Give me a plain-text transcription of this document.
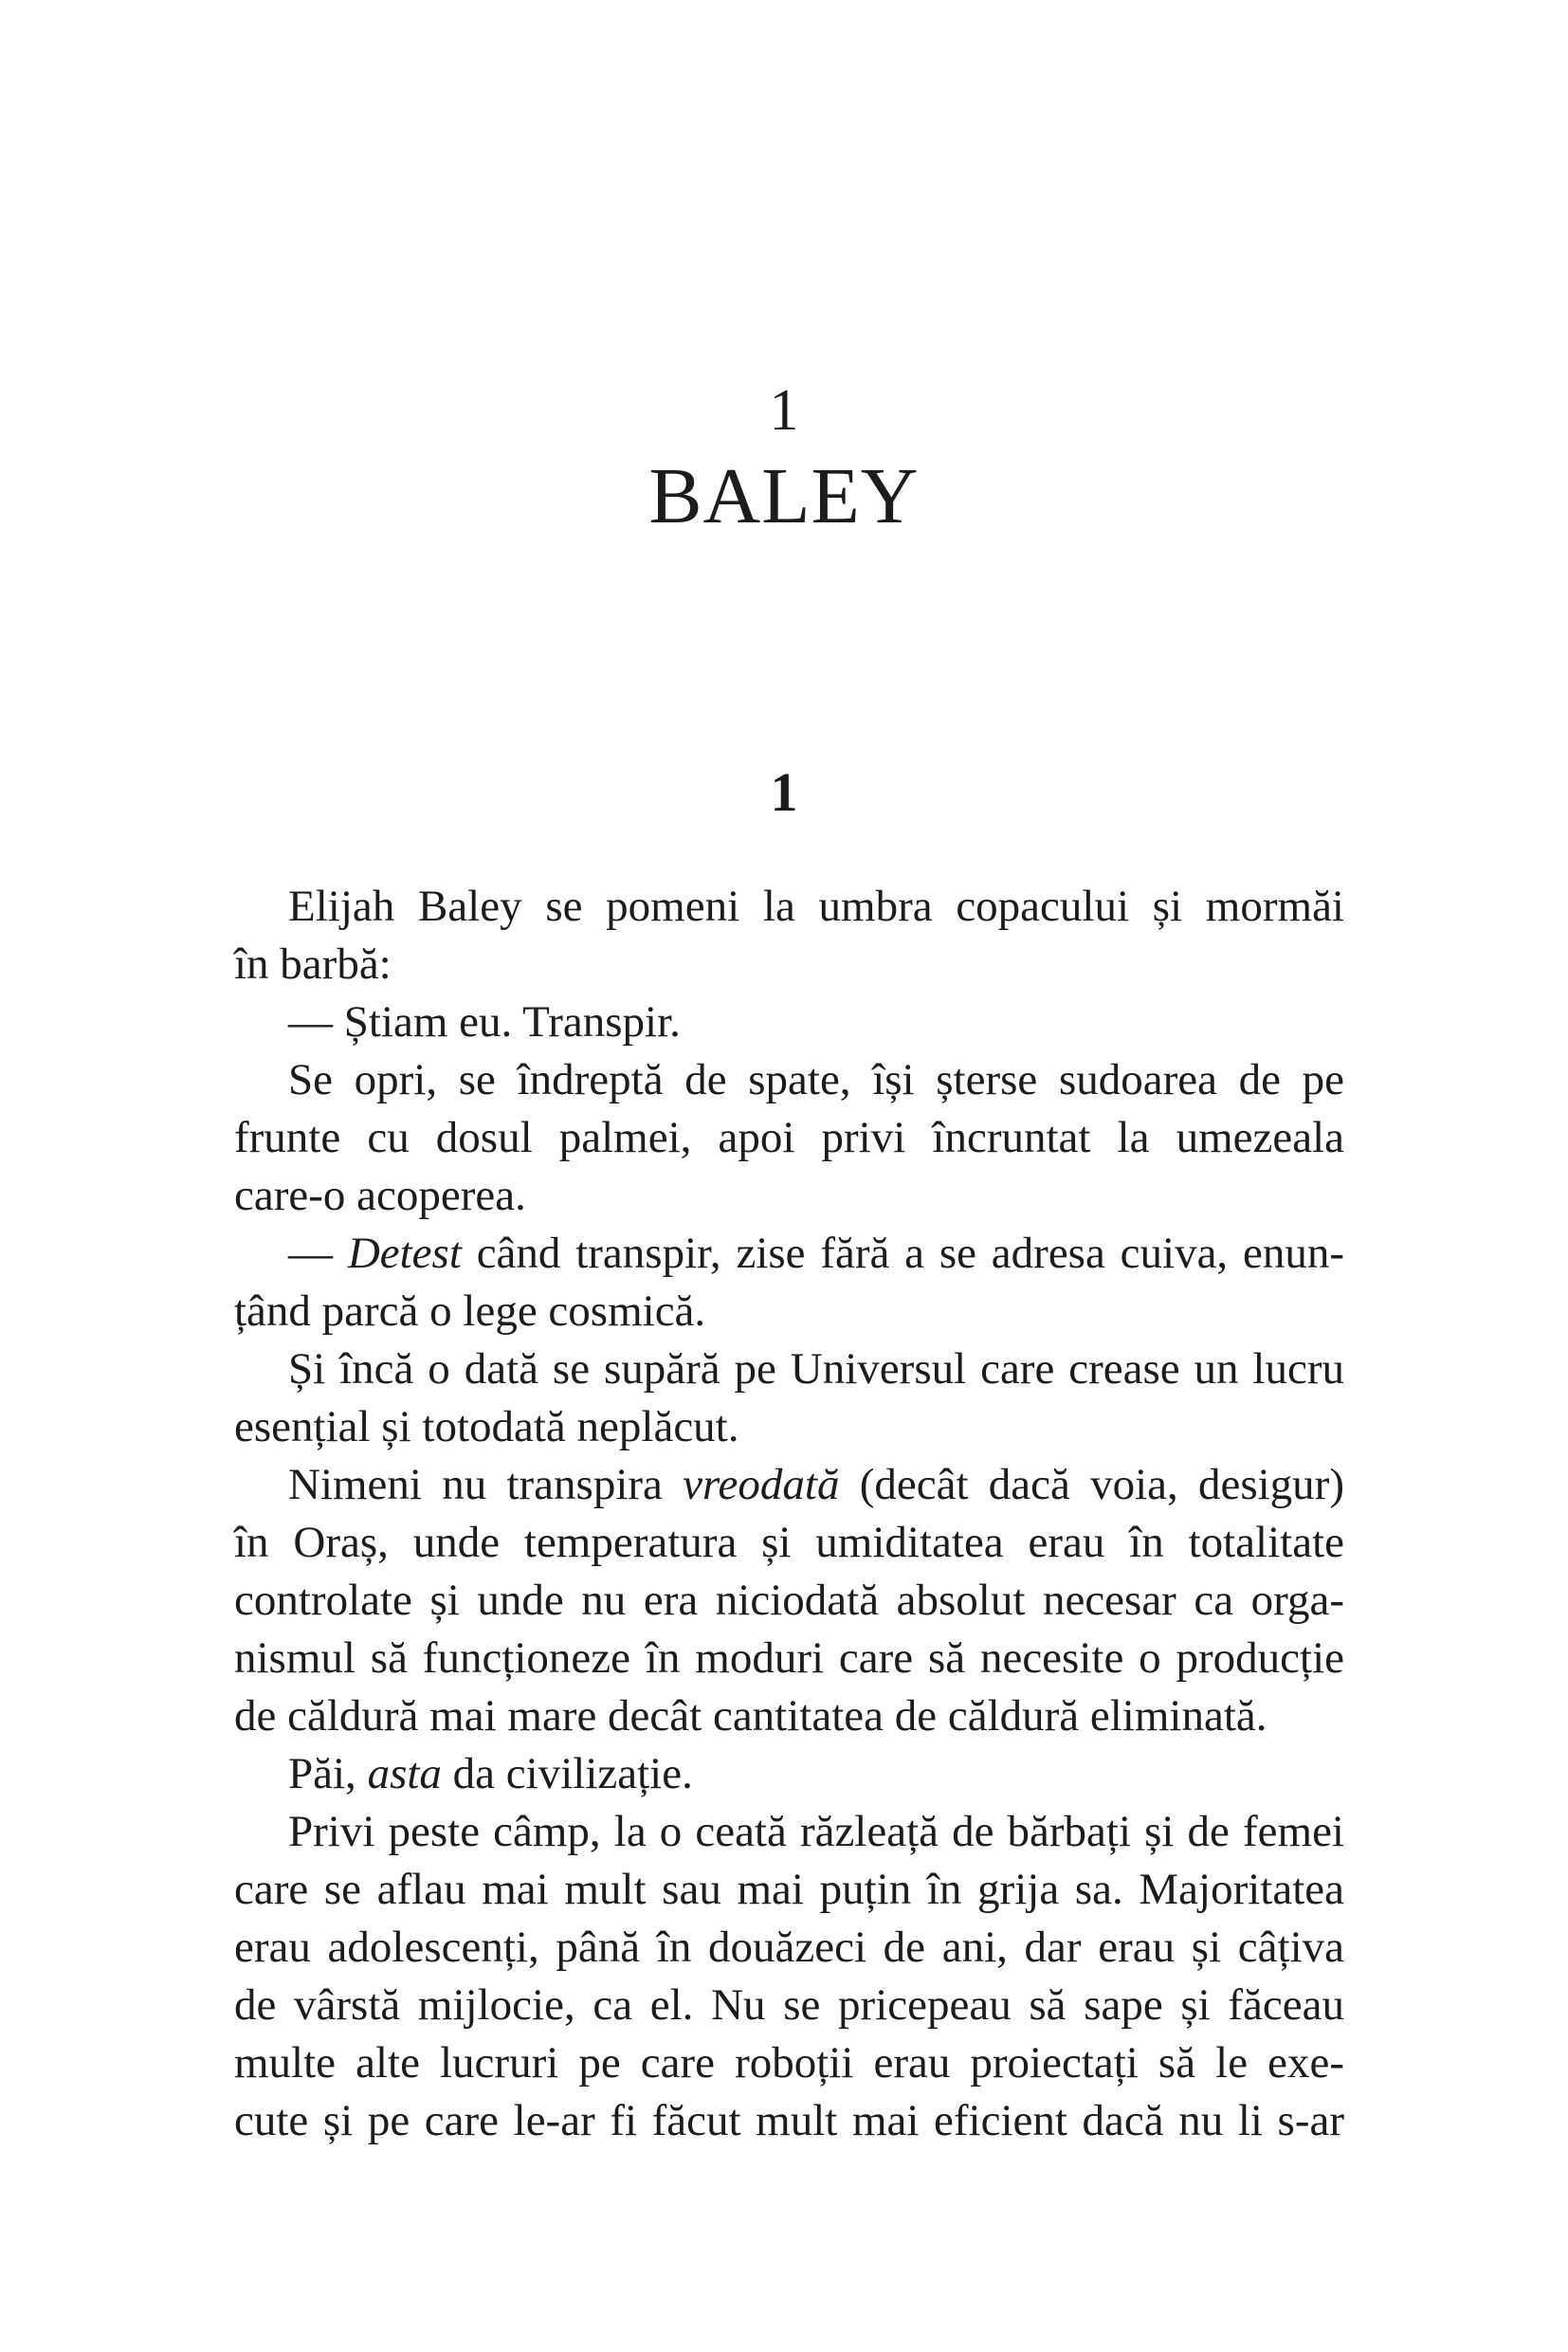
1
BALEY
1
Elijah Baley se pomeni la umbra copacului și mormăi
în barbă:
— Știam eu. Transpir.
Se opri, se îndreptă de spate, își șterse sudoarea de pe
frunte cu dosul palmei, apoi privi încruntat la umezeala
care-o acoperea.
— Detest când transpir, zise fără a se adresa cuiva, enun-
țând parcă o lege cosmică.
Și încă o dată se supără pe Universul care crease un lucru
esențial și totodată neplăcut.
Nimeni nu transpira vreodată (decât dacă voia, desigur)
în Oraș, unde temperatura și umiditatea erau în totalitate
controlate și unde nu era niciodată absolut necesar ca orga-
nismul să funcționeze în moduri care să necesite o producție
de căldură mai mare decât cantitatea de căldură eliminată.
Păi, asta da civilizație.
Privi peste câmp, la o ceată răzleață de bărbați și de femei
care se aflau mai mult sau mai puțin în grija sa. Majoritatea
erau adolescenți, până în douăzeci de ani, dar erau și câțiva
de vârstă mijlocie, ca el. Nu se pricepeau să sape și făceau
multe alte lucruri pe care roboții erau proiectați să le exe-
cute și pe care le-ar fi făcut mult mai eficient dacă nu li s-ar
